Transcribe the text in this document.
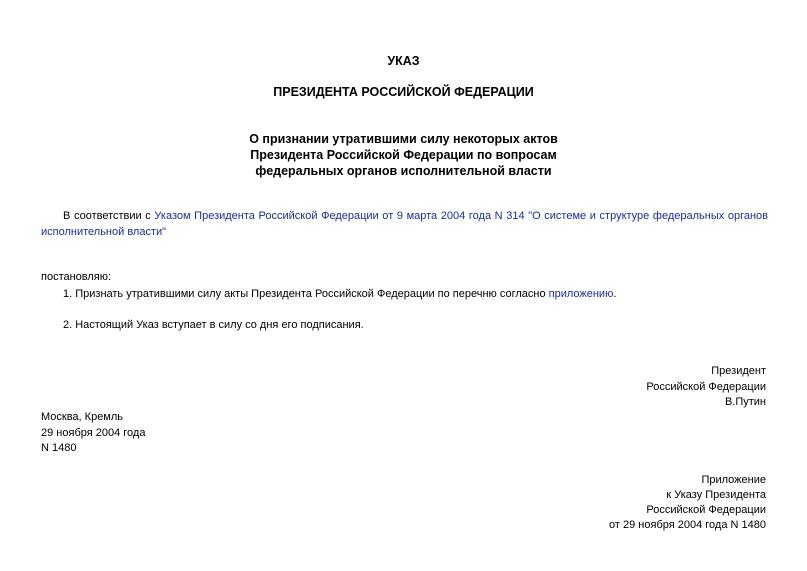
УКАЗ
ПРЕЗИДЕНТА РОССИЙСКОЙ ФЕДЕРАЦИИ
О признании утратившими силу некоторых актов
Президента Российской Федерации по вопросам
федеральных органов исполнительной власти
В соответствии с Указом Президента Российской Федерации от 9 марта 2004 года N 314 "О системе и структуре федеральных органов исполнительной власти"
постановляю:
1. Признать утратившими силу акты Президента Российской Федерации по перечню согласно приложению.
2. Настоящий Указ вступает в силу со дня его подписания.
Президент
Российской Федерации
В.Путин
Москва, Кремль
29 ноября 2004 года
N 1480
Приложение
к Указу Президента
Российской Федерации
от 29 ноября 2004 года N 1480
